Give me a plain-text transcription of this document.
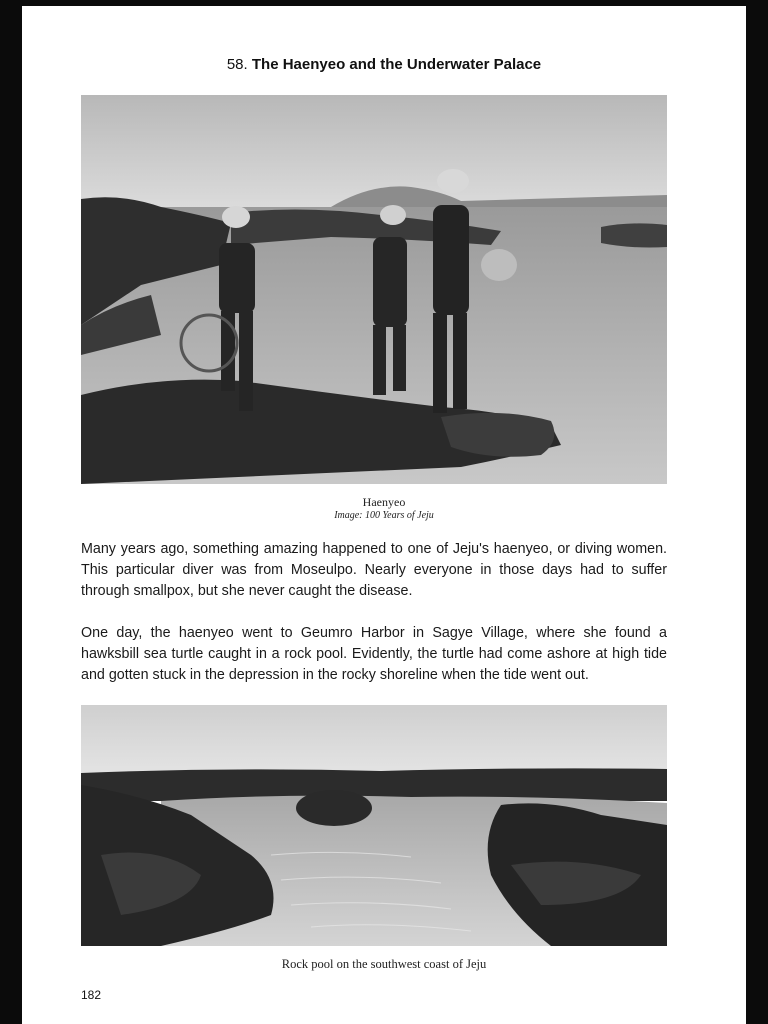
58. The Haenyeo and the Underwater Palace
Haenyeo
Image: 100 Years of Jeju

Many years ago, something amazing happened to one of Jeju's haenyeo, or diving women. This particular diver was from Moseulpo. Nearly everyone in those days had to suffer through smallpox, but she never caught the disease.

One day, the haenyeo went to Geumro Harbor in Sagye Village, where she found a hawksbill sea turtle caught in a rock pool. Evidently, the turtle had come ashore at high tide and gotten stuck in the depression in the rocky shoreline when the tide went out.

Rock pool on the southwest coast of Jeju
182
